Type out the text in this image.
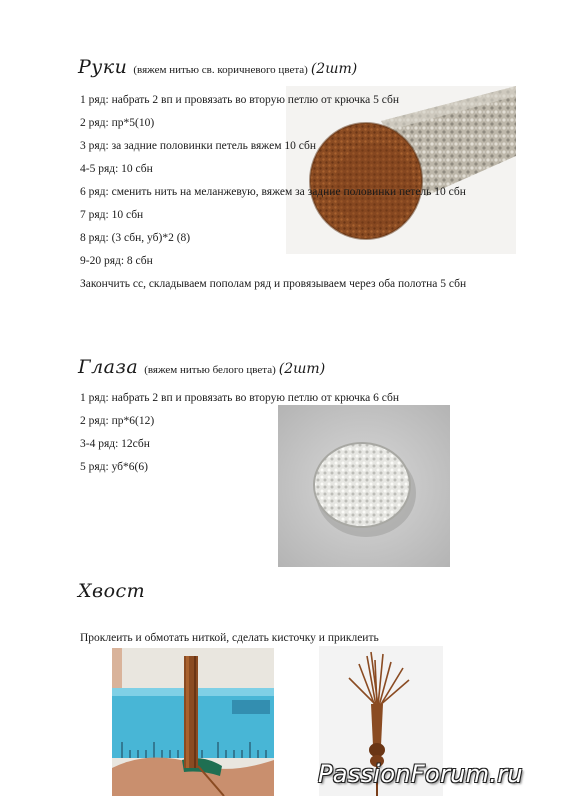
Руки (вяжем нитью св. коричневого цвета) (2шт)
1 ряд: набрать 2 вп и провязать во вторую петлю от крючка 5 сбн
2 ряд: пр*5(10)
3 ряд: за задние половинки петель вяжем 10 сбн
4-5 ряд: 10 сбн
6 ряд: сменить нить на меланжевую, вяжем за задние половинки петель 10 сбн
7 ряд: 10 сбн
8 ряд: (3 сбн, уб)*2 (8)
9-20 ряд: 8 сбн
Закончить сс, складываем пополам ряд и провязываем через оба полотна 5 сбн
Глаза (вяжем нитью белого цвета) (2шт)
1 ряд: набрать 2 вп и провязать во вторую петлю от крючка 6 сбн
2 ряд: пр*6(12)
3-4 ряд: 12сбн
5 ряд: уб*6(6)
Хвост
Проклеить и обмотать ниткой, сделать кисточку и приклеить
PassionForum.ru
